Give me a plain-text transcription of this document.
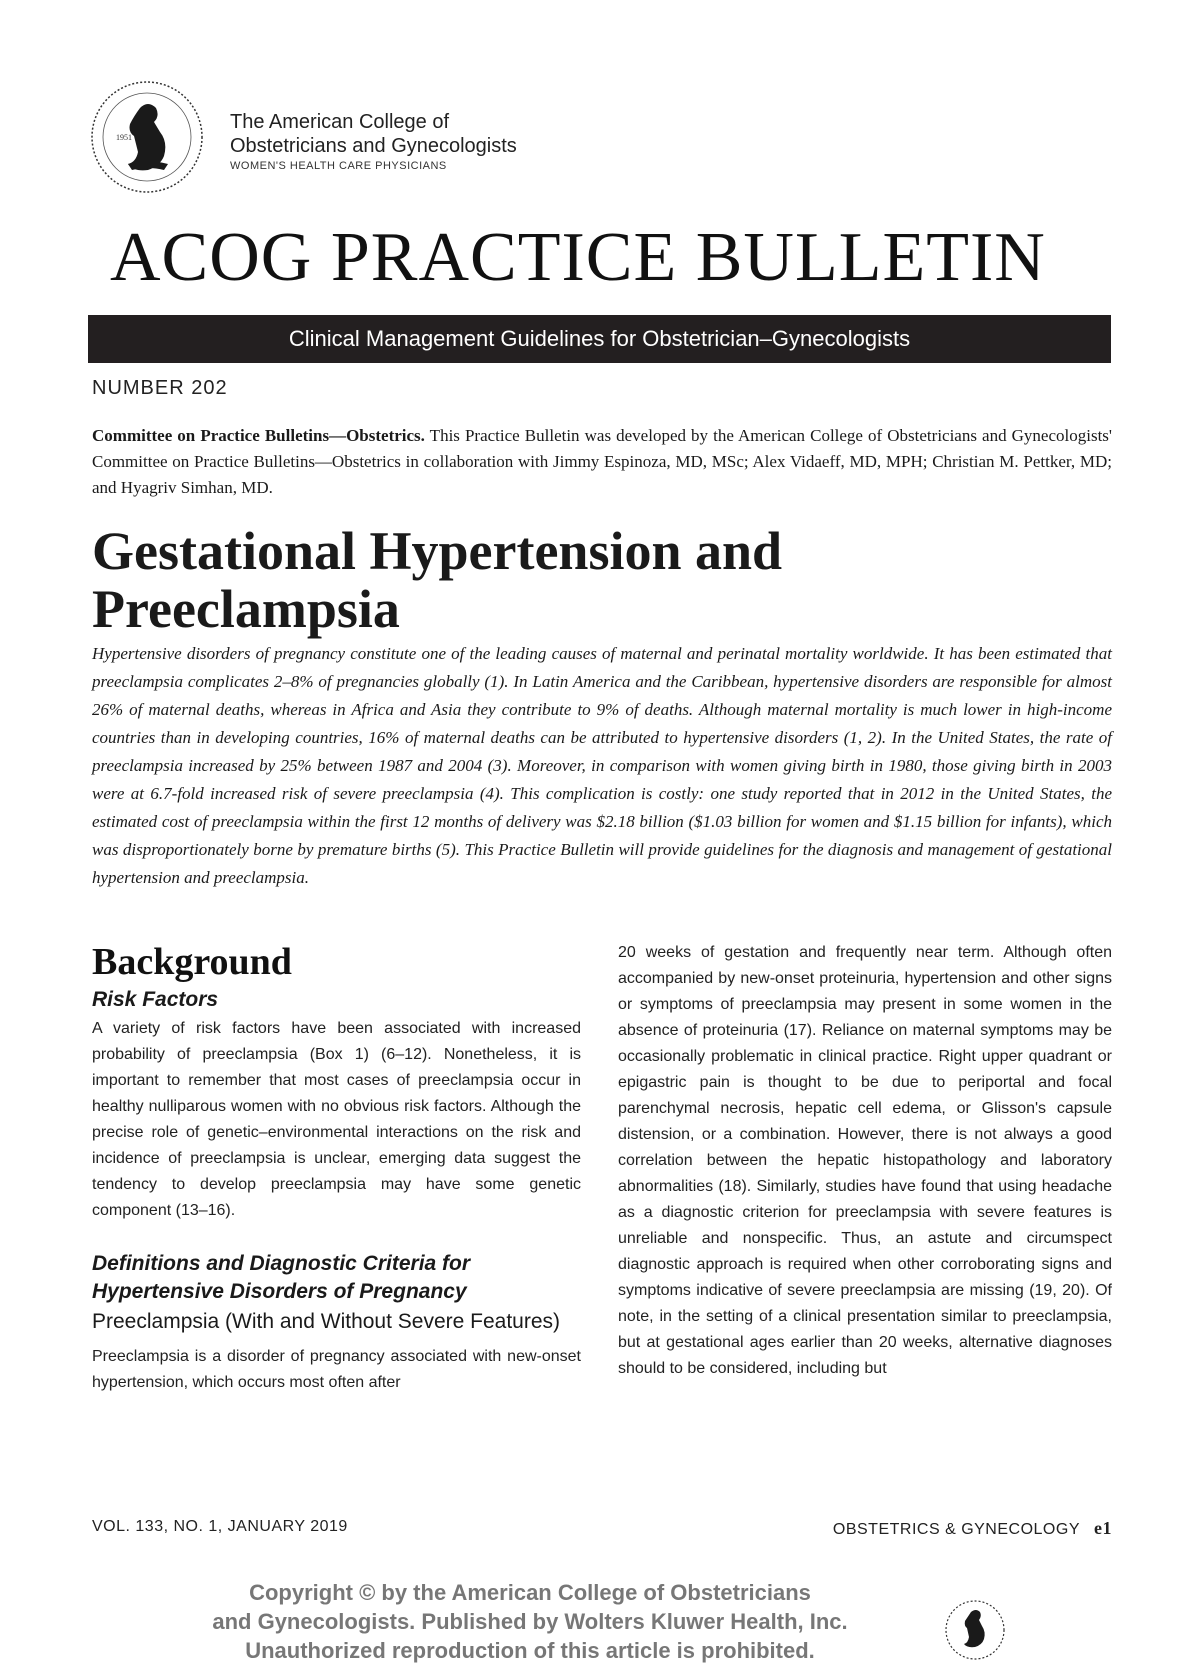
1951
The American College of
Obstetricians and Gynecologists
WOMEN'S HEALTH CARE PHYSICIANS
ACOG PRACTICE BULLETIN
Clinical Management Guidelines for Obstetrician–Gynecologists
NUMBER 202
Committee on Practice Bulletins—Obstetrics. This Practice Bulletin was developed by the American College of Obstetricians and Gynecologists' Committee on Practice Bulletins—Obstetrics in collaboration with Jimmy Espinoza, MD, MSc; Alex Vidaeff, MD, MPH; Christian M. Pettker, MD; and Hyagriv Simhan, MD.
Gestational Hypertension and Preeclampsia
Hypertensive disorders of pregnancy constitute one of the leading causes of maternal and perinatal mortality worldwide. It has been estimated that preeclampsia complicates 2–8% of pregnancies globally (1). In Latin America and the Caribbean, hypertensive disorders are responsible for almost 26% of maternal deaths, whereas in Africa and Asia they contribute to 9% of deaths. Although maternal mortality is much lower in high-income countries than in developing countries, 16% of maternal deaths can be attributed to hypertensive disorders (1, 2). In the United States, the rate of preeclampsia increased by 25% between 1987 and 2004 (3). Moreover, in comparison with women giving birth in 1980, those giving birth in 2003 were at 6.7-fold increased risk of severe preeclampsia (4). This complication is costly: one study reported that in 2012 in the United States, the estimated cost of preeclampsia within the first 12 months of delivery was $2.18 billion ($1.03 billion for women and $1.15 billion for infants), which was disproportionately borne by premature births (5). This Practice Bulletin will provide guidelines for the diagnosis and management of gestational hypertension and preeclampsia.
Background
Risk Factors

A variety of risk factors have been associated with increased probability of preeclampsia (Box 1) (6–12). Nonetheless, it is important to remember that most cases of preeclampsia occur in healthy nulliparous women with no obvious risk factors. Although the precise role of genetic–environmental interactions on the risk and incidence of preeclampsia is unclear, emerging data suggest the tendency to develop preeclampsia may have some genetic component (13–16).

Definitions and Diagnostic Criteria for Hypertensive Disorders of Pregnancy
Preeclampsia (With and Without Severe Features)

Preeclampsia is a disorder of pregnancy associated with new-onset hypertension, which occurs most often after

20 weeks of gestation and frequently near term. Although often accompanied by new-onset proteinuria, hypertension and other signs or symptoms of preeclampsia may present in some women in the absence of proteinuria (17). Reliance on maternal symptoms may be occasionally problematic in clinical practice. Right upper quadrant or epigastric pain is thought to be due to periportal and focal parenchymal necrosis, hepatic cell edema, or Glisson's capsule distension, or a combination. However, there is not always a good correlation between the hepatic histopathology and laboratory abnormalities (18). Similarly, studies have found that using headache as a diagnostic criterion for preeclampsia with severe features is unreliable and nonspecific. Thus, an astute and circumspect diagnostic approach is required when other corroborating signs and symptoms indicative of severe preeclampsia are missing (19, 20). Of note, in the setting of a clinical presentation similar to preeclampsia, but at gestational ages earlier than 20 weeks, alternative diagnoses should to be considered, including but

VOL. 133, NO. 1, JANUARY 2019	OBSTETRICS & GYNECOLOGY e1
Copyright © by the American College of Obstetricians
and Gynecologists. Published by Wolters Kluwer Health, Inc.
Unauthorized reproduction of this article is prohibited.
